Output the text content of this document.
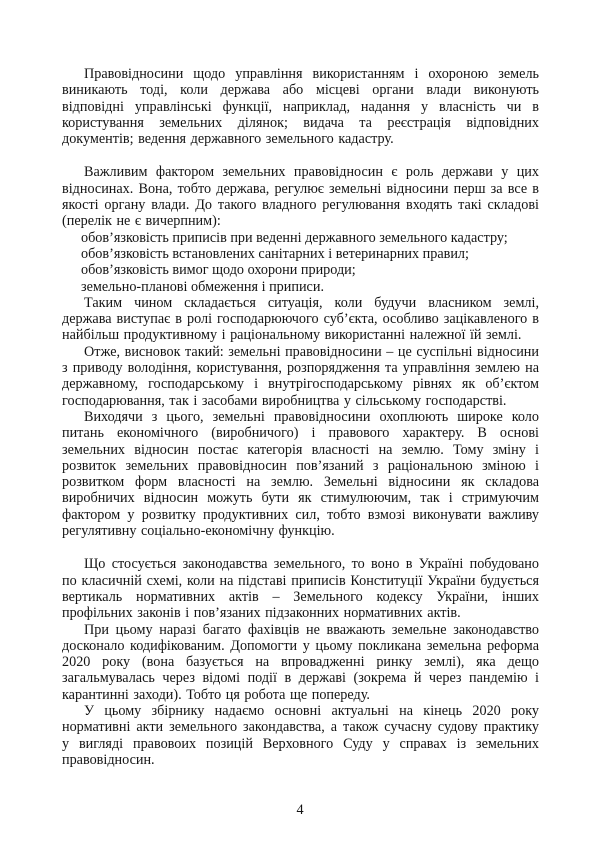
Правовідносини щодо управління використанням і охороною земель виникають тоді, коли держава або місцеві органи влади виконують відповідні управлінські функції, наприклад, надання у власність чи в користування земельних ділянок; видача та реєстрація відповідних документів; ведення державного земельного кадастру.

Важливим фактором земельних правовідносин є роль держави у цих відносинах. Вона, тобто держава, регулює земельні відносини перш за все в якості органу влади. До такого владного регулювання входять такі складові (перелік не є вичерпним):

обов’язковість приписів при веденні державного земельного кадастру;

обов’язковість встановлених санітарних і ветеринарних правил;

обов’язковість вимог щодо охорони природи;

земельно-планові обмеження і приписи.

Таким чином складається ситуація, коли будучи власником землі, держава виступає в ролі господарюючого суб’єкта, особливо зацікавленого в найбільш продуктивному і раціональному використанні належної їй землі.

Отже, висновок такий: земельні правовідносини – це суспільні відносини з приводу володіння, користування, розпорядження та управління землею на державному, господарському і внутрігосподарському рівнях як об’єктом господарювання, так і засобами виробництва у сільському господарстві.

Виходячи з цього, земельні правовідносини охоплюють широке коло питань економічного (виробничого) і правового характеру. В основі земельних відносин постає категорія власності на землю. Тому зміну і розвиток земельних правовідносин пов’язаний з раціональною зміною і розвитком форм власності на землю. Земельні відносини як складова виробничих відносин можуть бути як стимулюючим, так і стримуючим фактором у розвитку продуктивних сил, тобто взмозі виконувати важливу регулятивну соціально-економічну функцію.

Що стосується законодавства земельного, то воно в Україні побудовано по класичній схемі, коли на підставі приписів Конституції України будується вертикаль нормативних актів – Земельного кодексу України, інших профільних законів і пов’язаних підзаконних нормативних актів.

При цьому наразі багато фахівців не вважають земельне законодавство досконало кодифікованим. Допомогти у цьому покликана земельна реформа 2020 року (вона базується на впровадженні ринку землі), яка дещо загальмувалась через відомі події в державі (зокрема й через пандемію і карантинні заходи). Тобто ця робота ще попереду.

У цьому збірнику надаємо основні актуальні на кінець 2020 року нормативні акти земельного закондавства, а також сучасну судову практику у вигляді правовоих позицій Верховного Суду у справах із земельних правовідносин.

4
